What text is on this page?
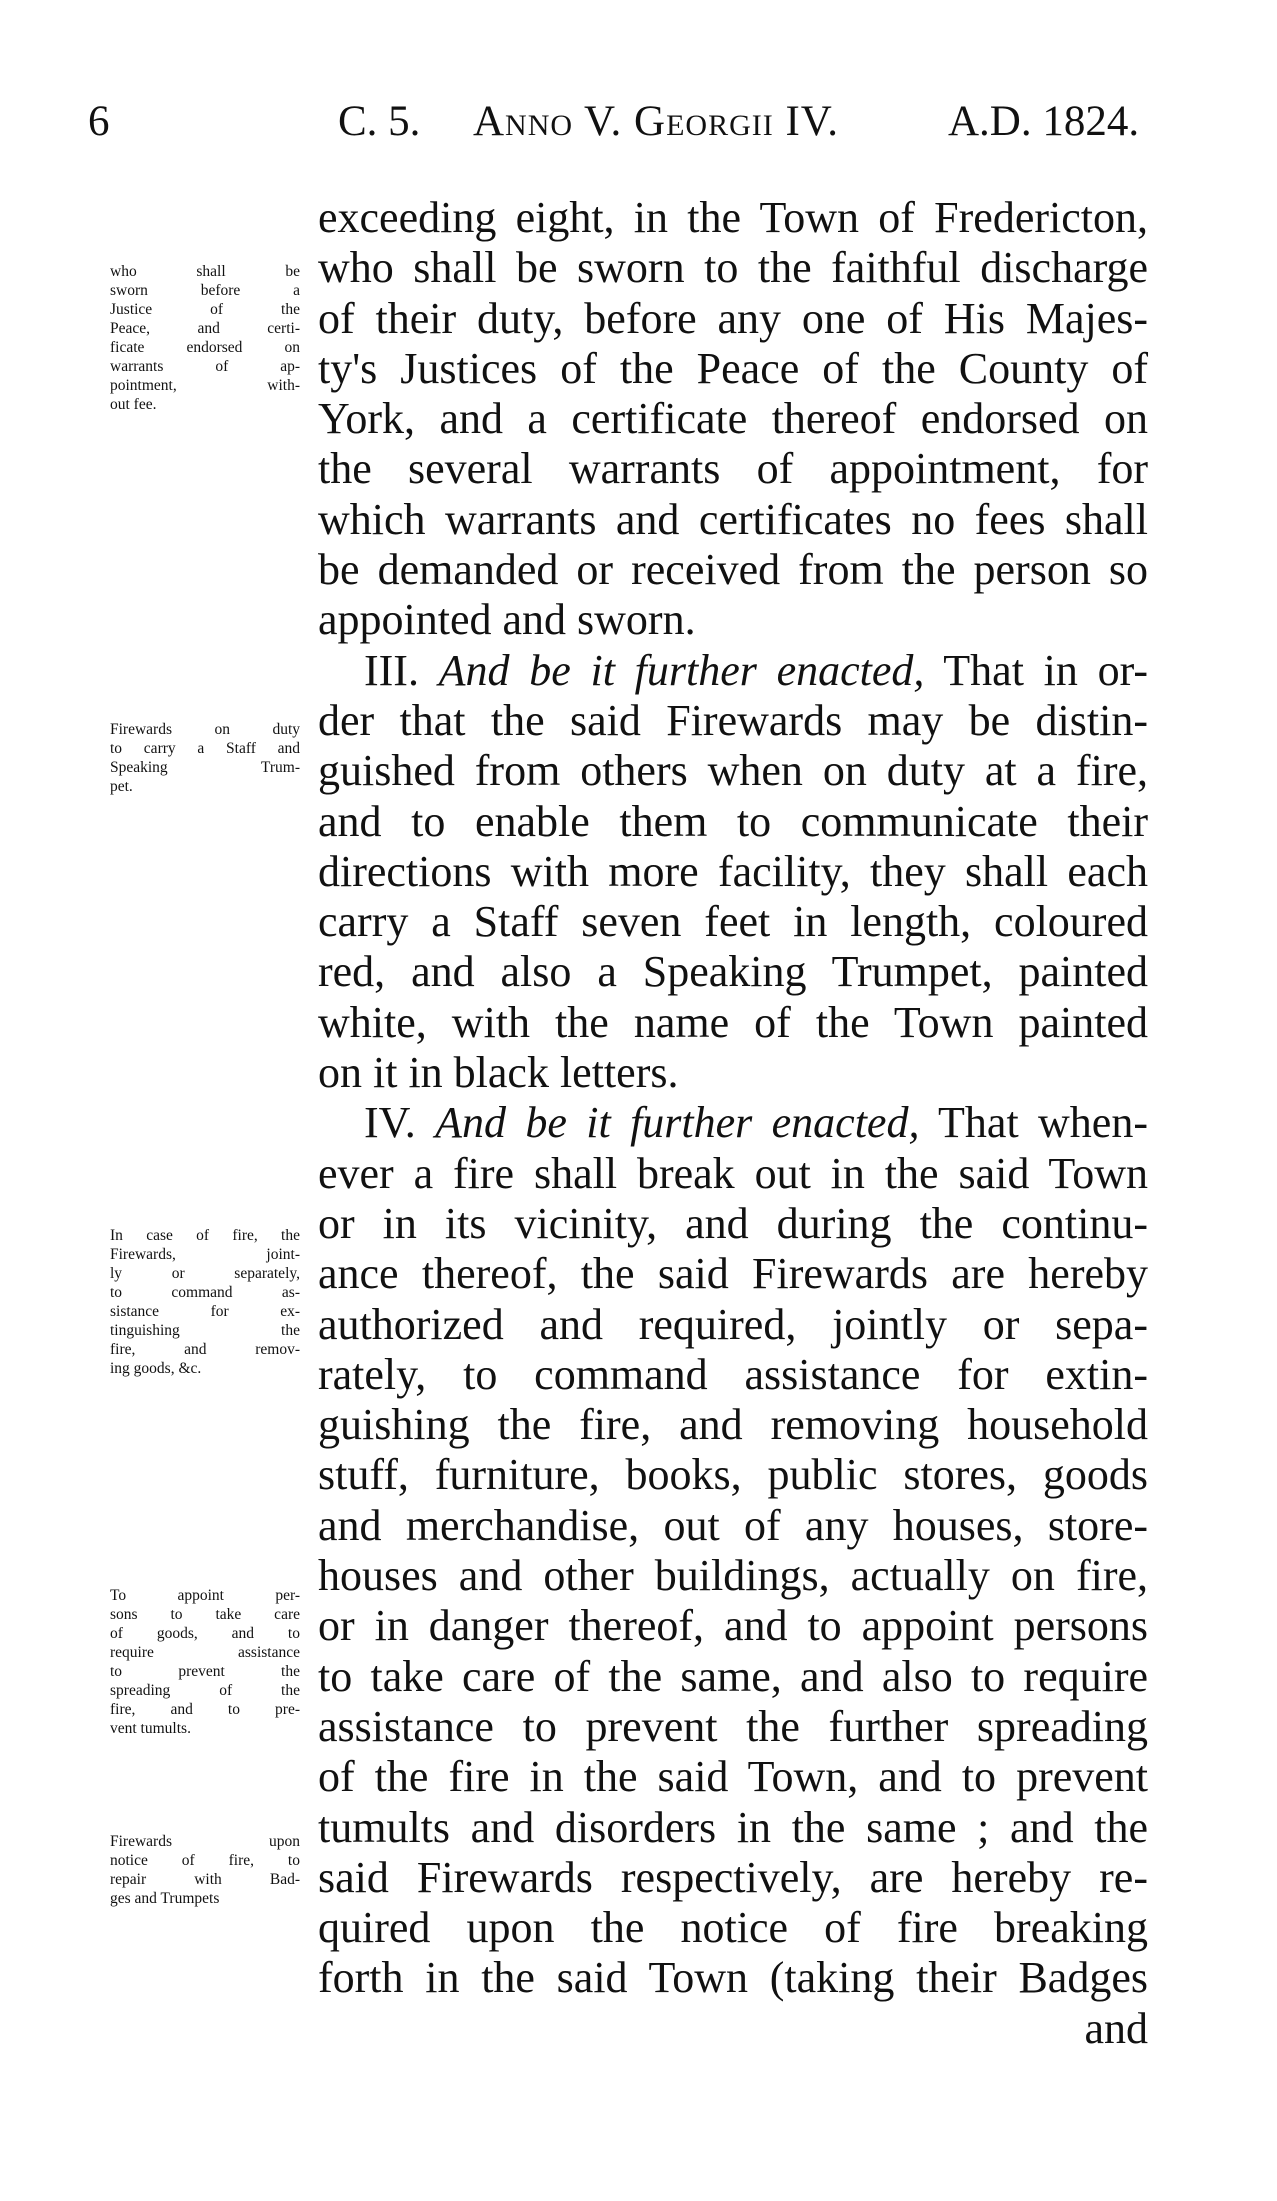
6	C. 5. Anno V. Georgii IV.	A.D. 1824.
exceeding eight, in the Town of Fredericton,
who shall be sworn to the faithful discharge
of their duty, before any one of His Majes-
ty's Justices of the Peace of the County of
York, and a certificate thereof endorsed on
the several warrants of appointment, for
which warrants and certificates no fees shall
be demanded or received from the person so
appointed and sworn.
III. And be it further enacted, That in or-
der that the said Firewards may be distin-
guished from others when on duty at a fire,
and to enable them to communicate their
directions with more facility, they shall each
carry a Staff seven feet in length, coloured
red, and also a Speaking Trumpet, painted
white, with the name of the Town painted
on it in black letters.
IV. And be it further enacted, That when-
ever a fire shall break out in the said Town
or in its vicinity, and during the continu-
ance thereof, the said Firewards are hereby
authorized and required, jointly or sepa-
rately, to command assistance for extin-
guishing the fire, and removing household
stuff, furniture, books, public stores, goods
and merchandise, out of any houses, store-
houses and other buildings, actually on fire,
or in danger thereof, and to appoint persons
to take care of the same, and also to require
assistance to prevent the further spreading
of the fire in the said Town, and to prevent
tumults and disorders in the same ; and the
said Firewards respectively, are hereby re-
quired upon the notice of fire breaking
forth in the said Town (taking their Badges
and
who shall be
sworn before a
Justice of the
Peace, and certi-
ficate endorsed on
warrants of ap-
pointment, with-
out fee.
Firewards on duty
to carry a Staff and
Speaking Trum-
pet.
In case of fire, the
Firewards, joint-
ly or separately,
to command as-
sistance for ex-
tinguishing the
fire, and remov-
ing goods, &c.
To appoint per-
sons to take care
of goods, and to
require assistance
to prevent the
spreading of the
fire, and to pre-
vent tumults.
Firewards upon
notice of fire, to
repair with Bad-
ges and Trumpets
